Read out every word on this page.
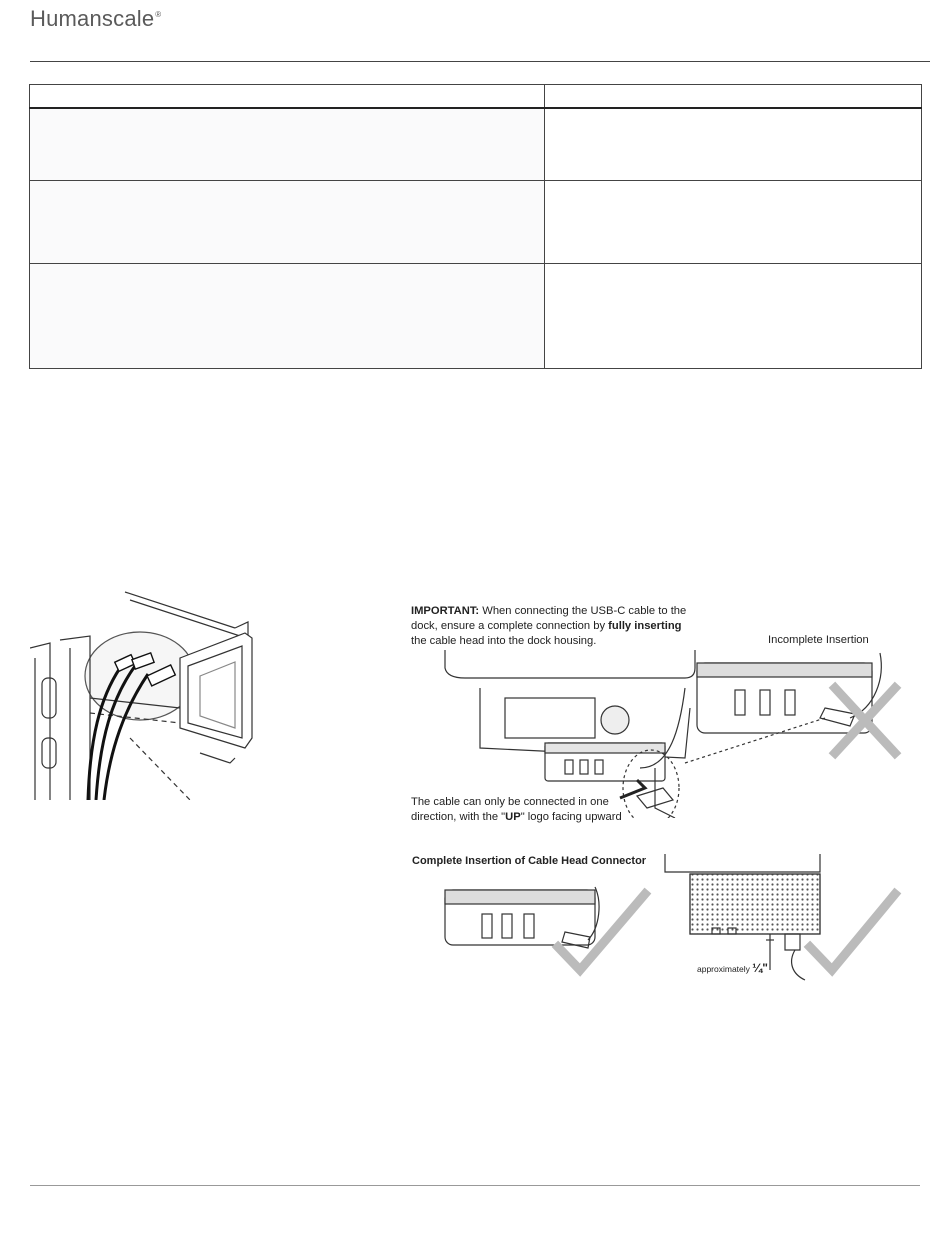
Humanscale®

IMPORTANT: When connecting the USB-C cable to the
dock, ensure a complete connection by fully inserting
the cable head into the dock housing.	Incomplete Insertion
The cable can only be connected in one
direction, with the "UP" logo facing upward
Complete Insertion of Cable Head Connector
approximately ¼"
